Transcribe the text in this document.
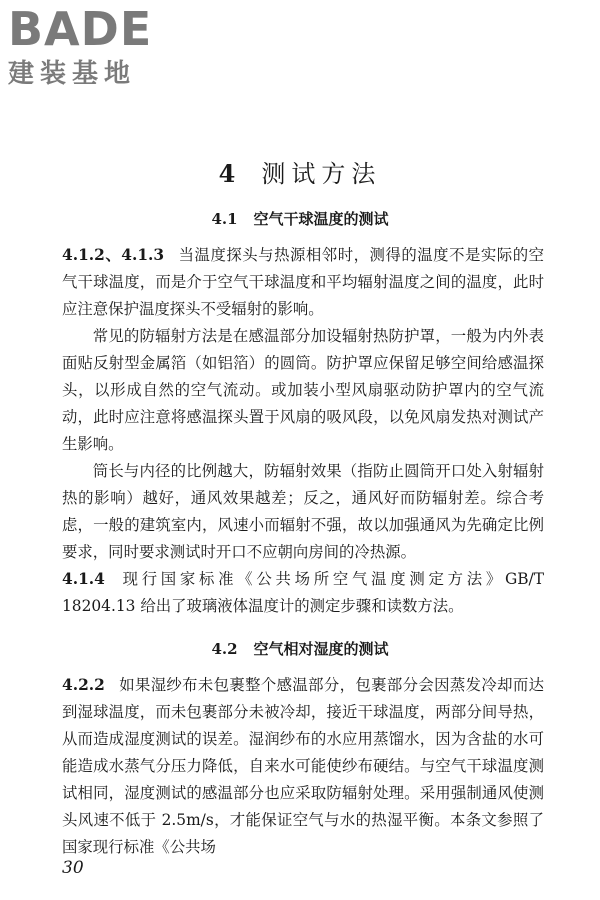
BADE
建装基地
4 测试方法
4.1 空气干球温度的测试
4.1.2、4.1.3 当温度探头与热源相邻时，测得的温度不是实际的空气干球温度，而是介于空气干球温度和平均辐射温度之间的温度，此时应注意保护温度探头不受辐射的影响。
常见的防辐射方法是在感温部分加设辐射热防护罩，一般为内外表面贴反射型金属箔（如铝箔）的圆筒。防护罩应保留足够空间给感温探头，以形成自然的空气流动。或加装小型风扇驱动防护罩内的空气流动，此时应注意将感温探头置于风扇的吸风段，以免风扇发热对测试产生影响。
筒长与内径的比例越大，防辐射效果（指防止圆筒开口处入射辐射热的影响）越好，通风效果越差；反之，通风好而防辐射差。综合考虑，一般的建筑室内，风速小而辐射不强，故以加强通风为先确定比例要求，同时要求测试时开口不应朝向房间的冷热源。
4.1.4 现行国家标准《公共场所空气温度测定方法》GB/T 18204.13 给出了玻璃液体温度计的测定步骤和读数方法。
4.2 空气相对湿度的测试
4.2.2 如果湿纱布未包裹整个感温部分，包裹部分会因蒸发冷却而达到湿球温度，而未包裹部分未被冷却，接近干球温度，两部分间导热，从而造成湿度测试的误差。湿润纱布的水应用蒸馏水，因为含盐的水可能造成水蒸气分压力降低，自来水可能使纱布硬结。与空气干球温度测试相同，湿度测试的感温部分也应采取防辐射处理。采用强制通风使测头风速不低于 2.5m/s，才能保证空气与水的热湿平衡。本条文参照了国家现行标准《公共场
30
